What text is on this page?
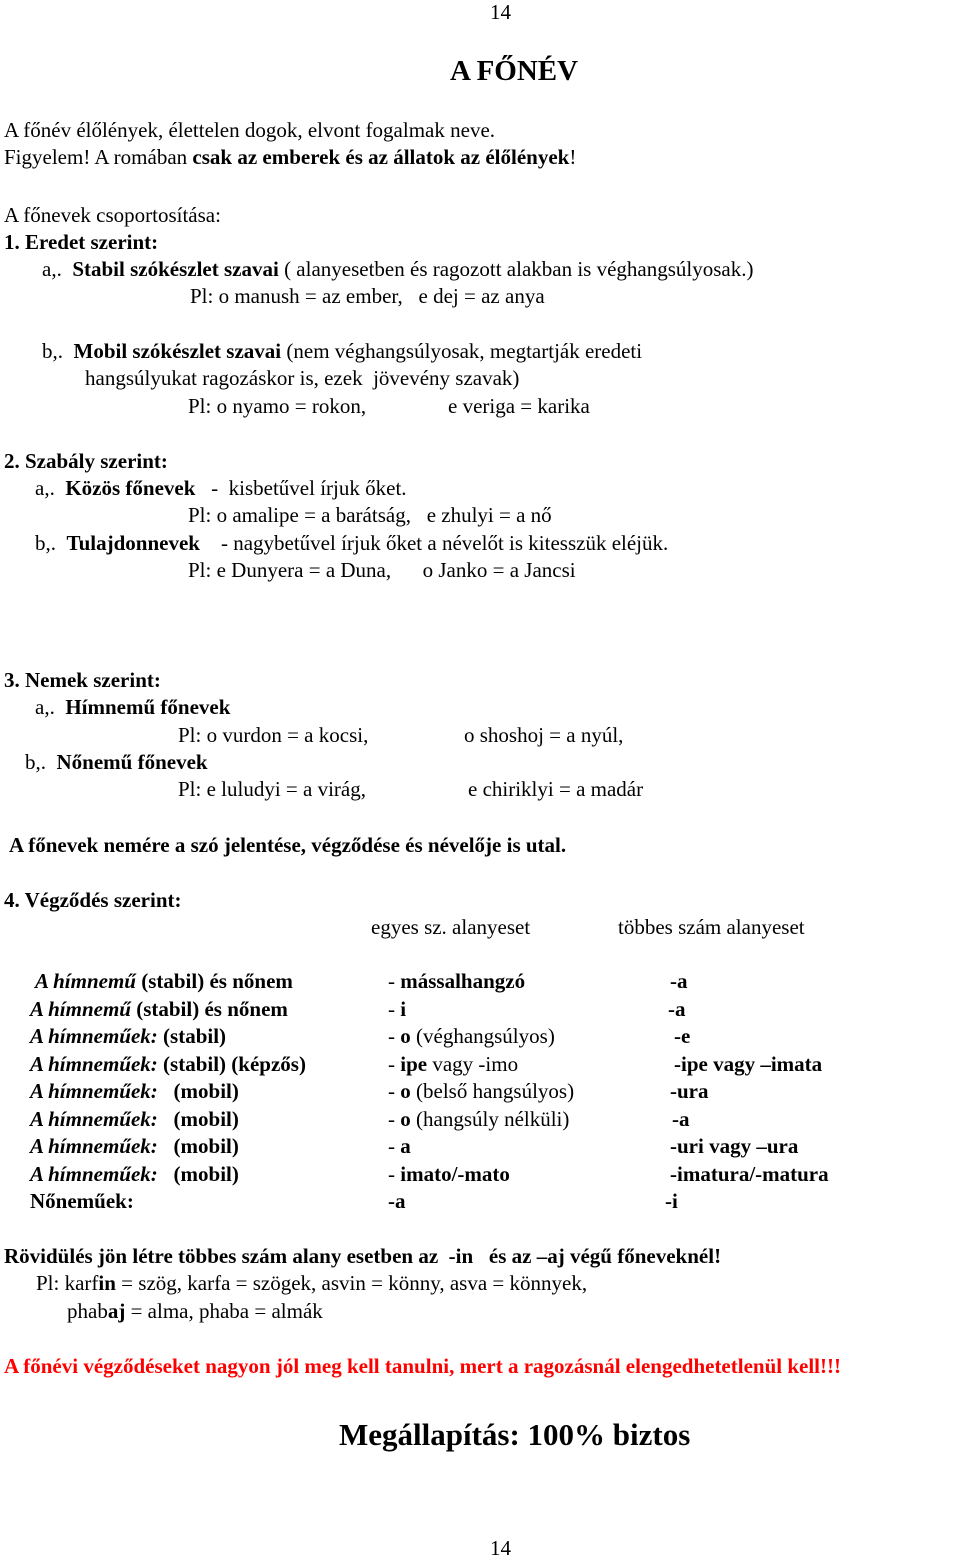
14
A FŐNÉV
A főnév élőlények, élettelen dogok, elvont fogalmak neve.
Figyelem! A romában csak az emberek és az állatok az élőlények!
A főnevek csoportosítása:
1. Eredet szerint:
a,. Stabil szókészlet szavai ( alanyesetben és ragozott alakban is véghangsúlyosak.)
Pl: o manush = az ember,   e dej = az anya
b,. Mobil szókészlet szavai (nem véghangsúlyosak, megtartják eredeti
hangsúlyukat ragozáskor is, ezek  jövevény szavak)
Pl: o nyamo = rokon,	e veriga = karika
2. Szabály szerint:
a,. Közös főnevek   -  kisbetűvel írjuk őket.
Pl: o amalipe = a barátság,   e zhulyi = a nő
b,. Tulajdonnevek    - nagybetűvel írjuk őket a névelőt is kitesszük eléjük.
Pl: e Dunyera = a Duna,      o Janko = a Jancsi
3. Nemek szerint:
a,. Hímnemű főnevek
Pl: o vurdon = a kocsi,	o shoshoj = a nyúl,
b,. Nőnemű főnevek
Pl: e luludyi = a virág,	e chiriklyi = a madár
A főnevek nemére a szó jelentése, végződése és névelője is utal.
4. Végződés szerint:
egyes sz. alanyeset	többes szám alanyeset
A hímnemű (stabil) és nőnem	- mássalhangzó	-a
A hímnemű (stabil) és nőnem	- i	-a
A hímneműek: (stabil)	- o (véghangsúlyos)	-e
A hímneműek: (stabil) (képzős)	- ipe vagy -imo	-ipe vagy –imata
A hímneműek:   (mobil)	- o (belső hangsúlyos)	-ura
A hímneműek:   (mobil)	- o (hangsúly nélküli)	-a
A hímneműek:   (mobil)	- a	-uri vagy –ura
A hímneműek:   (mobil)	- imato/-mato	-imatura/-matura
Nőneműek:	-a	-i
Rövidülés jön létre többes szám alany esetben az  -in   és az –aj végű főneveknél!
Pl: karfin = szög, karfa = szögek, asvin = könny, asva = könnyek,
phabaj = alma, phaba = almák
A főnévi végződéseket nagyon jól meg kell tanulni, mert a ragozásnál elengedhetetlenül kell!!!
Megállapítás: 100% biztos
14
